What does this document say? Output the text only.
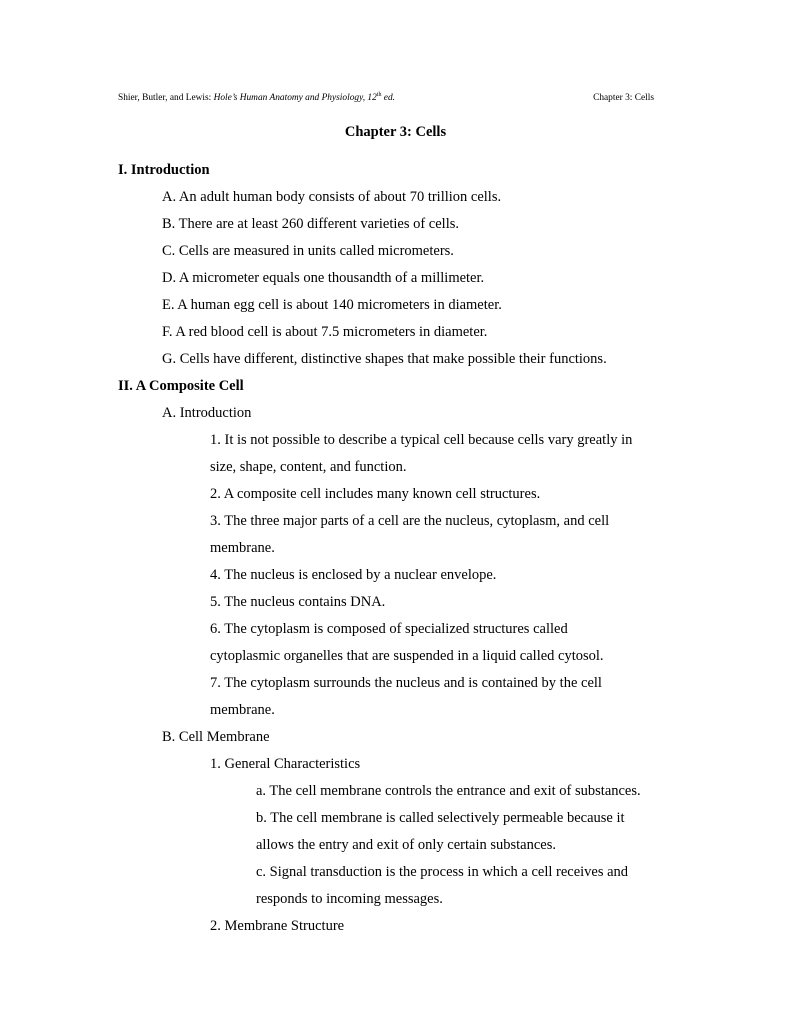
Shier, Butler, and Lewis: Hole’s Human Anatomy and Physiology, 12th ed.	Chapter 3: Cells
Chapter 3: Cells
I. Introduction
A. An adult human body consists of about 70 trillion cells.
B. There are at least 260 different varieties of cells.
C. Cells are measured in units called micrometers.
D. A micrometer equals one thousandth of a millimeter.
E. A human egg cell is about 140 micrometers in diameter.
F. A red blood cell is about 7.5 micrometers in diameter.
G. Cells have different, distinctive shapes that make possible their functions.
II. A Composite Cell
A. Introduction
1. It is not possible to describe a typical cell because cells vary greatly in
size, shape, content, and function.
2. A composite cell includes many known cell structures.
3. The three major parts of a cell are the nucleus, cytoplasm, and cell
membrane.
4. The nucleus is enclosed by a nuclear envelope.
5. The nucleus contains DNA.
6. The cytoplasm is composed of specialized structures called
cytoplasmic organelles that are suspended in a liquid called cytosol.
7. The cytoplasm surrounds the nucleus and is contained by the cell
membrane.
B. Cell Membrane
1. General Characteristics
a. The cell membrane controls the entrance and exit of substances.
b. The cell membrane is called selectively permeable because it
allows the entry and exit of only certain substances.
c. Signal transduction is the process in which a cell receives and
responds to incoming messages.
2. Membrane Structure
